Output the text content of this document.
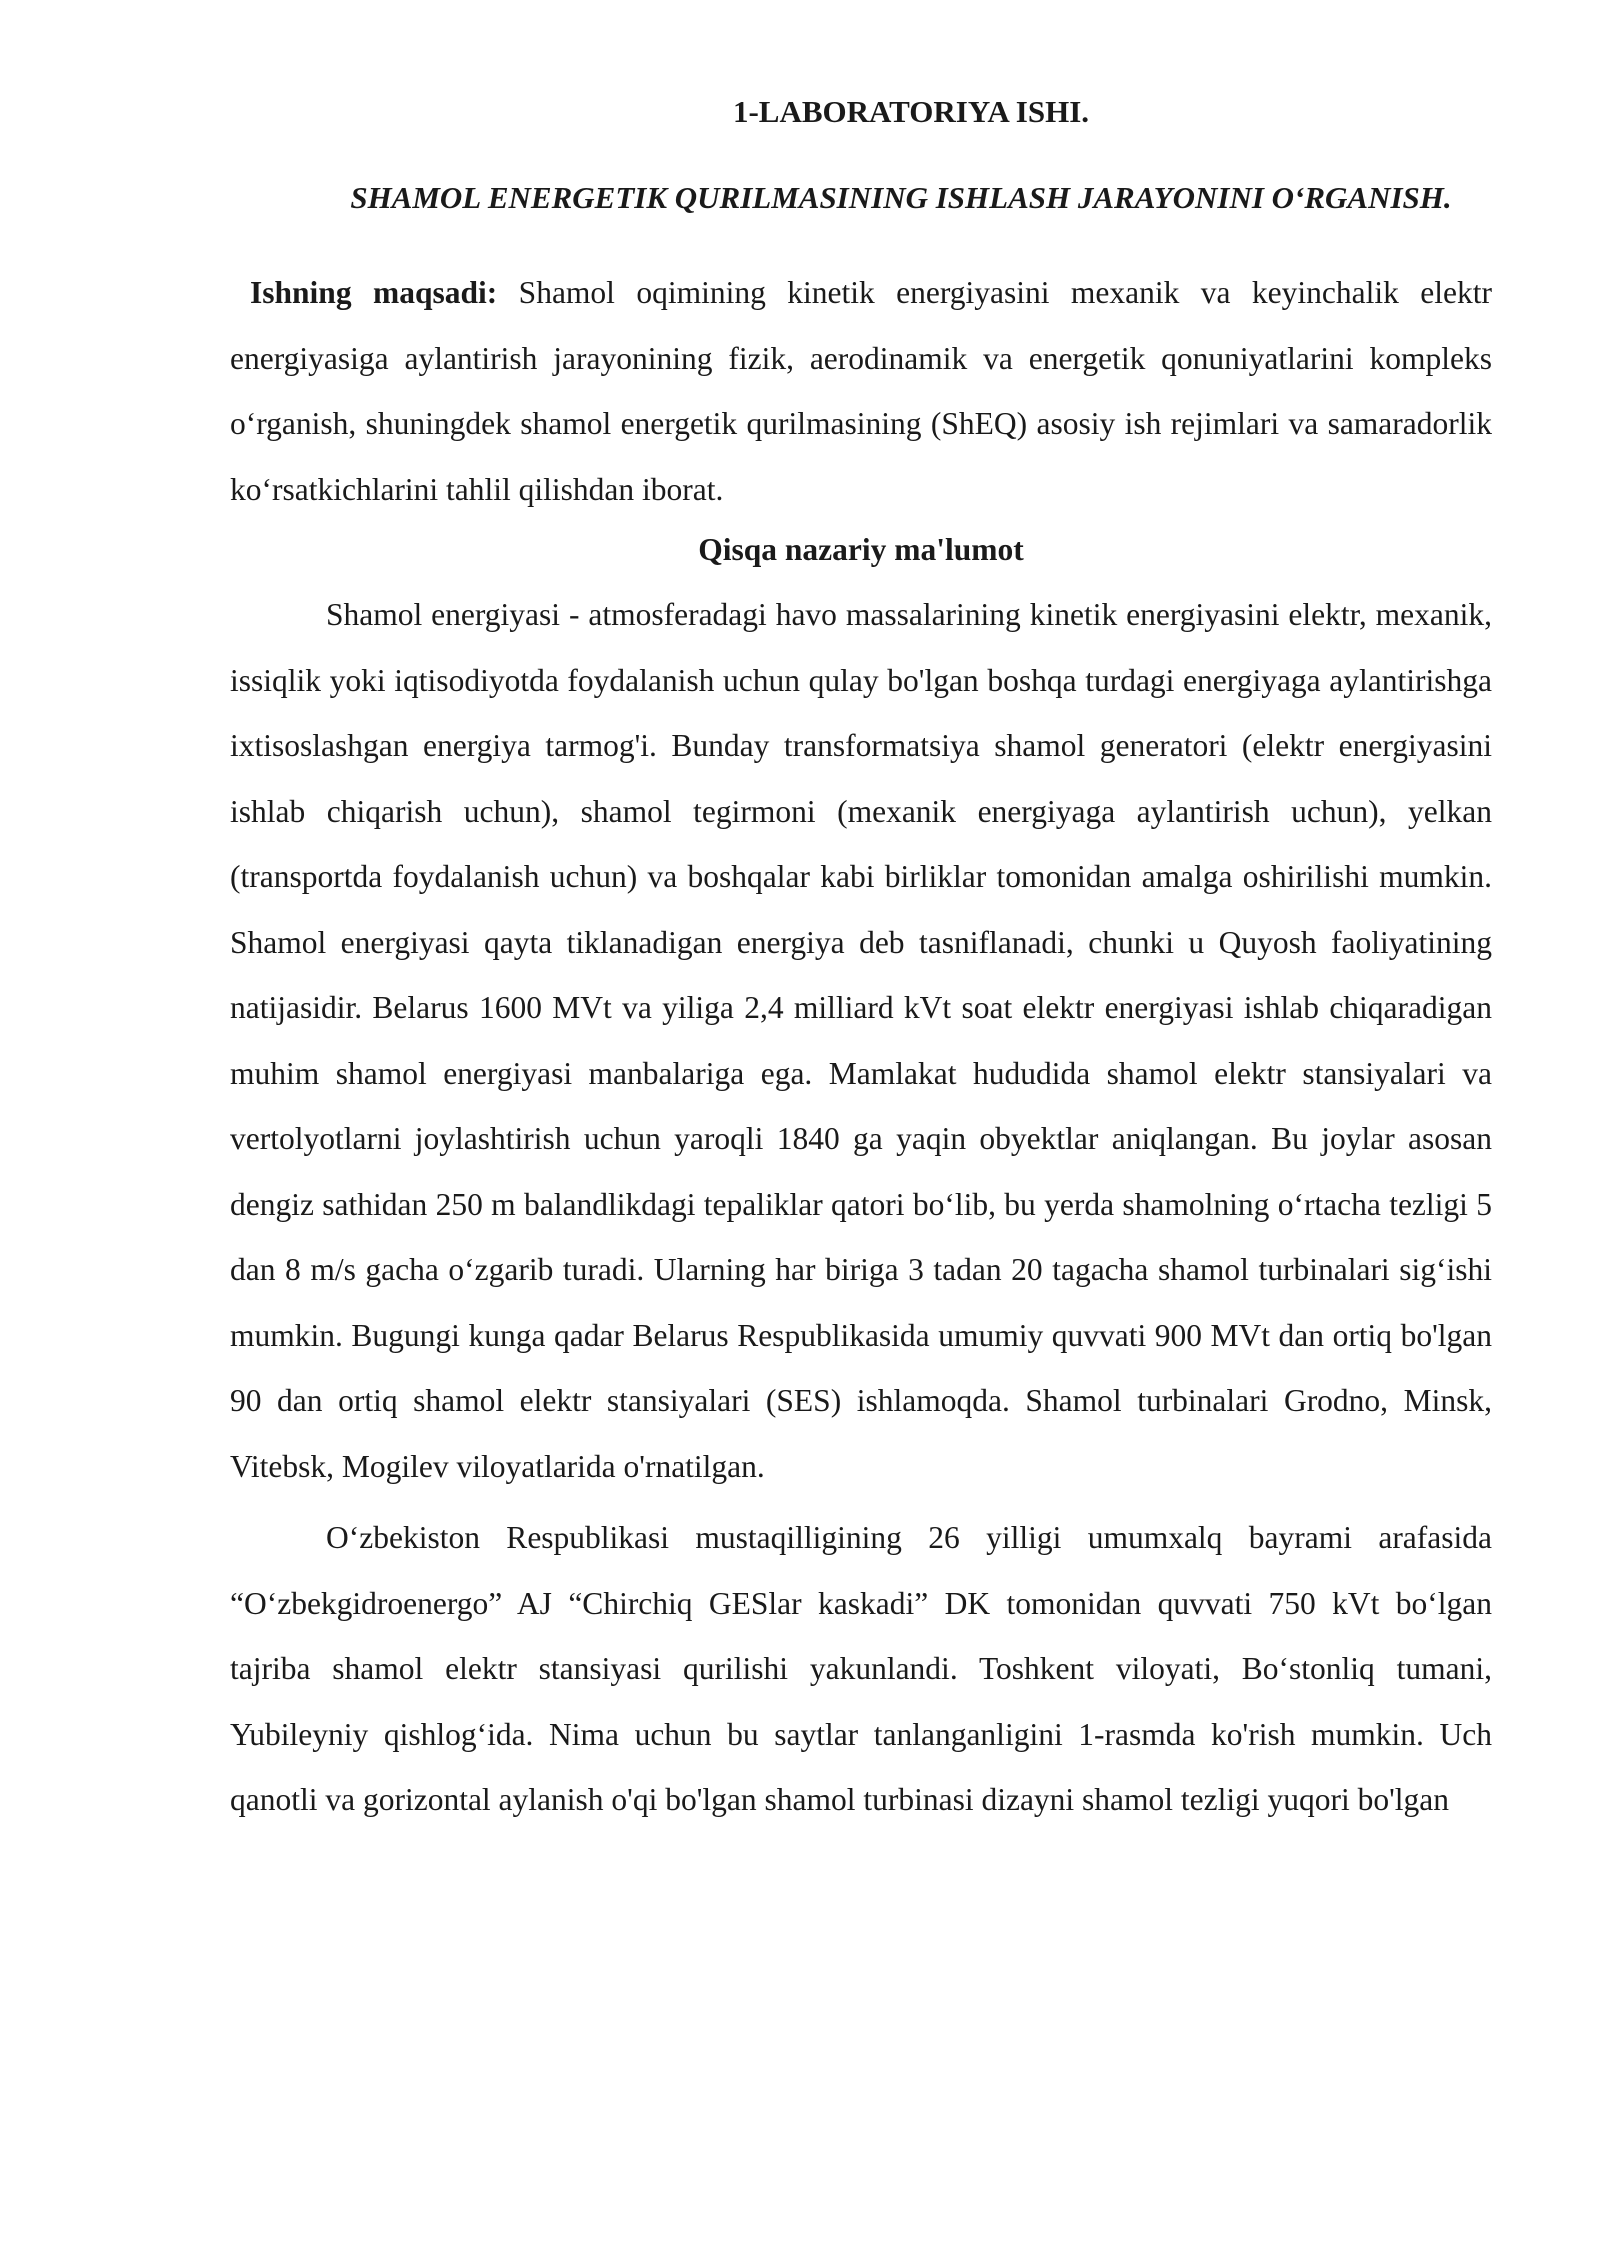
1-LABORATORIYA ISHI.
SHAMOL ENERGETIK QURILMASINING ISHLASH JARAYONINI O‘RGANISH.

Ishning maqsadi: Shamol oqimining kinetik energiyasini mexanik va keyinchalik elektr energiyasiga aylantirish jarayonining fizik, aerodinamik va energetik qonuniyatlarini kompleks o‘rganish, shuningdek shamol energetik qurilmasining (ShEQ) asosiy ish rejimlari va samaradorlik ko‘rsatkichlarini tahlil qilishdan iborat.

Qisqa nazariy ma'lumot

Shamol energiyasi - atmosferadagi havo massalarining kinetik energiyasini elektr, mexanik, issiqlik yoki iqtisodiyotda foydalanish uchun qulay bo'lgan boshqa turdagi energiyaga aylantirishga ixtisoslashgan energiya tarmog'i. Bunday transformatsiya shamol generatori (elektr energiyasini ishlab chiqarish uchun), shamol tegirmoni (mexanik energiyaga aylantirish uchun), yelkan (transportda foydalanish uchun) va boshqalar kabi birliklar tomonidan amalga oshirilishi mumkin. Shamol energiyasi qayta tiklanadigan energiya deb tasniflanadi, chunki u Quyosh faoliyatining natijasidir. Belarus 1600 MVt va yiliga 2,4 milliard kVt soat elektr energiyasi ishlab chiqaradigan muhim shamol energiyasi manbalariga ega. Mamlakat hududida shamol elektr stansiyalari va vertolyotlarni joylashtirish uchun yaroqli 1840 ga yaqin obyektlar aniqlangan. Bu joylar asosan dengiz sathidan 250 m balandlikdagi tepaliklar qatori bo‘lib, bu yerda shamolning o‘rtacha tezligi 5 dan 8 m/s gacha o‘zgarib turadi. Ularning har biriga 3 tadan 20 tagacha shamol turbinalari sig‘ishi mumkin. Bugungi kunga qadar Belarus Respublikasida umumiy quvvati 900 MVt dan ortiq bo'lgan 90 dan ortiq shamol elektr stansiyalari (SES) ishlamoqda. Shamol turbinalari Grodno, Minsk, Vitebsk, Mogilev viloyatlarida o'rnatilgan.

O‘zbekiston Respublikasi mustaqilligining 26 yilligi umumxalq bayrami arafasida “O‘zbekgidroenergo” AJ “Chirchiq GESlar kaskadi” DK tomonidan quvvati 750 kVt bo‘lgan tajriba shamol elektr stansiyasi qurilishi yakunlandi. Toshkent viloyati, Bo‘stonliq tumani, Yubileyniy qishlog‘ida. Nima uchun bu saytlar tanlanganligini 1-rasmda ko'rish mumkin. Uch qanotli va gorizontal aylanish o'qi bo'lgan shamol turbinasi dizayni shamol tezligi yuqori bo'lgan
